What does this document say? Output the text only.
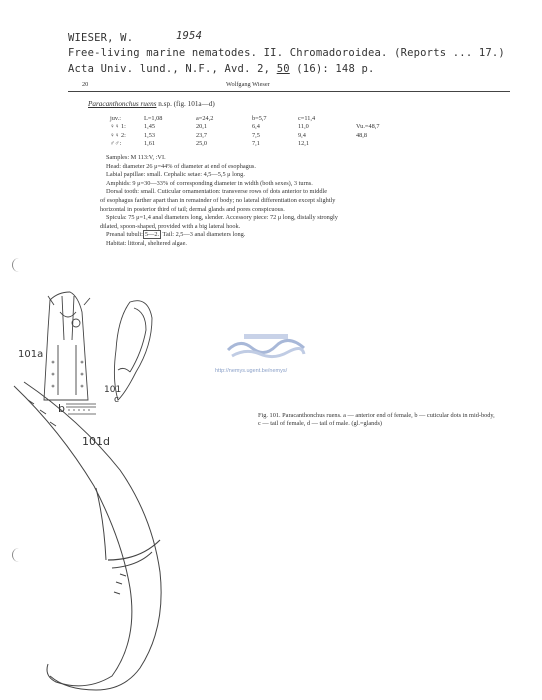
WIESER, W.	1954
Free-living marine nematodes. II. Chromadoroidea. (Reports ... 17.)
Acta Univ. lund., N.F., Avd. 2, 50 (16): 148 p.
20	Wolfgang Wieser
Paracanthonchus ruens n.sp. (fig. 101a—d)
juv.:	L=1,08	a=24,2	b=5,7	c=11,4	
♀♀ 1:	1,45	20,1	6,4	11,0	Vu.=48,7
♀♀ 2:	1,53	23,7	7,5	9,4	48,8
♂♂:	1,61	25,0	7,1	12,1	
Samples: M 113:V, :VI.
Head: diameter 26 μ=44% of diameter at end of esophagus.
Labial papillae: small. Cephalic setae: 4,5—5,5 μ long.
Amphids: 9 μ=30—33% of corresponding diameter in width (both sexes), 3 turns.
Dorsal tooth: small. Cuticular ornamentation: transverse rows of dots anterior to middle
of esophagus farther apart than in remainder of body; no lateral differentiation except slightly
horizontal in posterior third of tail; dermal glands and pores conspicuous.
Spicula: 75 μ=1,4 anal diameters long, slender. Accessory piece: 72 μ long, distally strongly
dilated, spoon-shaped, provided with a big lateral hook.
Preanal tubuli: 5—2. Tail: 2,5—3 anal diameters long.
Habitat: littoral, sheltered algae.
http://nemys.ugent.be/nemys/
101a
b
101
c
101d
Fig. 101. Paracanthonchus ruens. a — anterior end of female, b — cuticular dots in mid-body,
c — tail of female, d — tail of male. (gl.=glands)
